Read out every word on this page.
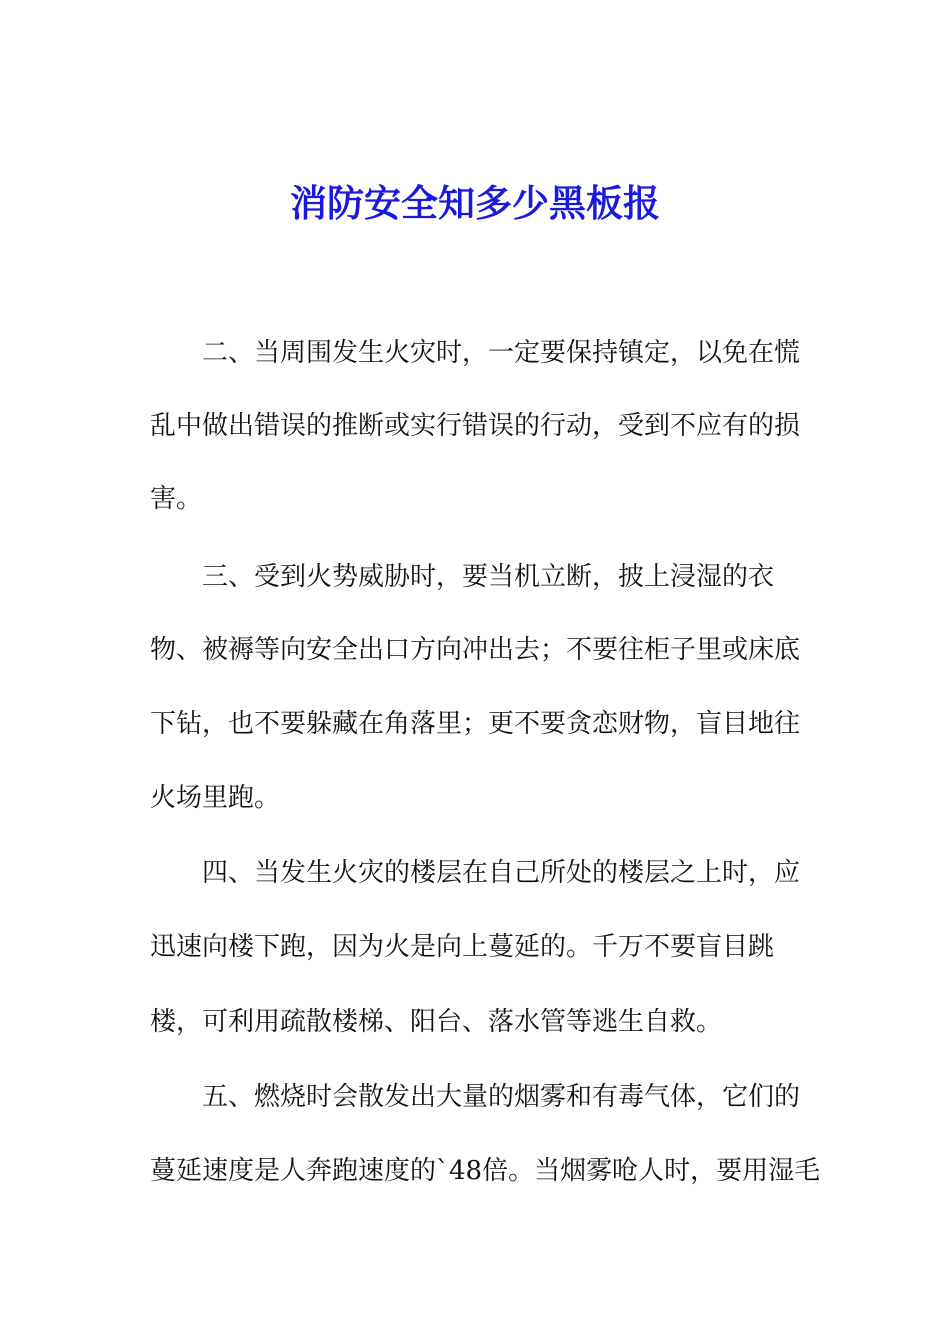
消防安全知多少黑板报
二、当周围发生火灾时，一定要保持镇定，以免在慌
乱中做出错误的推断或实行错误的行动，受到不应有的损
害。
三、受到火势威胁时，要当机立断，披上浸湿的衣
物、被褥等向安全出口方向冲出去；不要往柜子里或床底
下钻，也不要躲藏在角落里；更不要贪恋财物，盲目地往
火场里跑。
四、当发生火灾的楼层在自己所处的楼层之上时，应
迅速向楼下跑，因为火是向上蔓延的。千万不要盲目跳
楼，可利用疏散楼梯、阳台、落水管等逃生自救。
五、燃烧时会散发出大量的烟雾和有毒气体，它们的
蔓延速度是人奔跑速度的`48倍。当烟雾呛人时，要用湿毛
